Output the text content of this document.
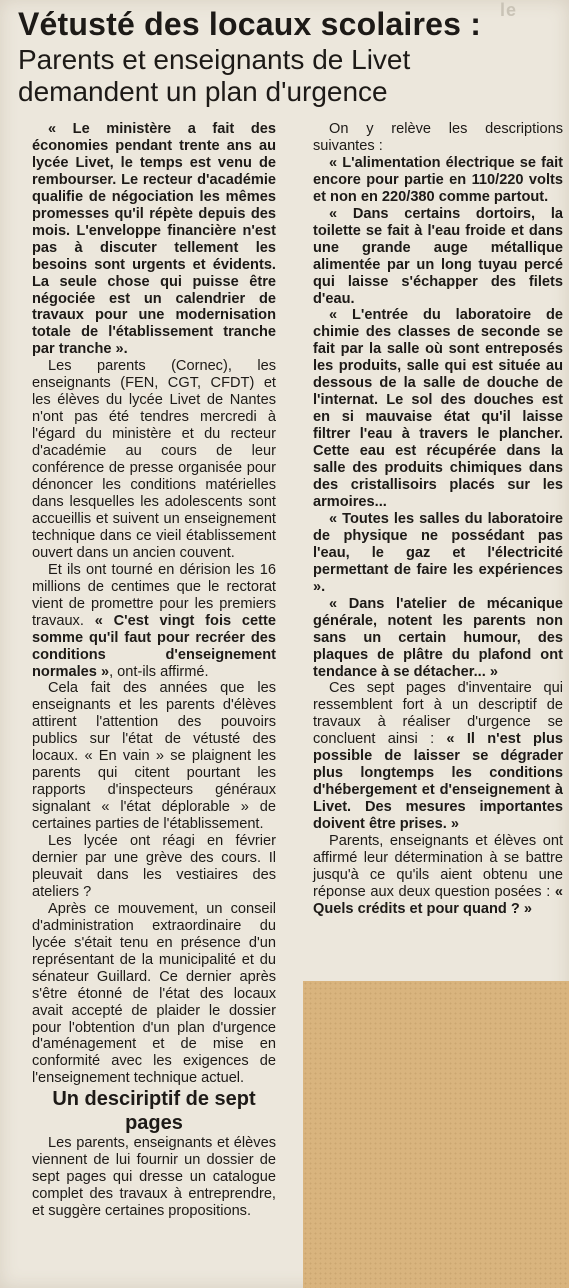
le
Vétusté des locaux scolaires :
Parents et enseignants de Livet demandent un plan d'urgence

« Le ministère a fait des économies pendant trente ans au lycée Livet, le temps est venu de rembourser. Le recteur d'académie qualifie de négociation les mêmes promesses qu'il répète depuis des mois. L'enveloppe financière n'est pas à discuter tellement les besoins sont urgents et évidents. La seule chose qui puisse être négociée est un calendrier de travaux pour une modernisation totale de l'établissement tranche par tranche ».

Les parents (Cornec), les enseignants (FEN, CGT, CFDT) et les élèves du lycée Livet de Nantes n'ont pas été tendres mercredi à l'égard du ministère et du recteur d'académie au cours de leur conférence de presse organisée pour dénoncer les conditions matérielles dans lesquelles les adolescents sont accueillis et suivent un enseignement technique dans ce vieil établissement ouvert dans un ancien couvent.

Et ils ont tourné en dérision les 16 millions de centimes que le rectorat vient de promettre pour les premiers travaux. « C'est vingt fois cette somme qu'il faut pour recréer des conditions d'enseignement normales », ont-ils affirmé.

Cela fait des années que les enseignants et les parents d'élèves attirent l'attention des pouvoirs publics sur l'état de vétusté des locaux. « En vain » se plaignent les parents qui citent pourtant les rapports d'inspecteurs généraux signalant « l'état déplorable » de certaines parties de l'établissement.

Les lycée ont réagi en février dernier par une grève des cours. Il pleuvait dans les vestiaires des ateliers ?

Après ce mouvement, un conseil d'administration extraordinaire du lycée s'était tenu en présence d'un représentant de la municipalité et du sénateur Guillard. Ce dernier après s'être étonné de l'état des locaux avait accepté de plaider le dossier pour l'obtention d'un plan d'urgence d'aménagement et de mise en conformité avec les exigences de l'enseignement technique actuel.

Un desciriptif de sept pages

Les parents, enseignants et élèves viennent de lui fournir un dossier de sept pages qui dresse un catalogue complet des travaux à entreprendre, et suggère certaines propositions.

On y relève les descriptions suivantes :

« L'alimentation électrique se fait encore pour partie en 110/220 volts et non en 220/380 comme partout.

« Dans certains dortoirs, la toilette se fait à l'eau froide et dans une grande auge métallique alimentée par un long tuyau percé qui laisse s'échapper des filets d'eau.

« L'entrée du laboratoire de chimie des classes de seconde se fait par la salle où sont entreposés les produits, salle qui est située au dessous de la salle de douche de l'internat. Le sol des douches est en si mauvaise état qu'il laisse filtrer l'eau à travers le plancher. Cette eau est récupérée dans la salle des produits chimiques dans des cristallisoirs placés sur les armoires...

« Toutes les salles du laboratoire de physique ne possédant pas l'eau, le gaz et l'électricité permettant de faire les expériences ».

« Dans l'atelier de mécanique générale, notent les parents non sans un certain humour, des plaques de plâtre du plafond ont tendance à se détacher... »

Ces sept pages d'inventaire qui ressemblent fort à un descriptif de travaux à réaliser d'urgence se concluent ainsi : « Il n'est plus possible de laisser se dégrader plus longtemps les conditions d'hébergement et d'enseignement à Livet. Des mesures importantes doivent être prises. »

Parents, enseignants et élèves ont affirmé leur détermination à se battre jusqu'à ce qu'ils aient obtenu une réponse aux deux question posées : « Quels crédits et pour quand ? »
